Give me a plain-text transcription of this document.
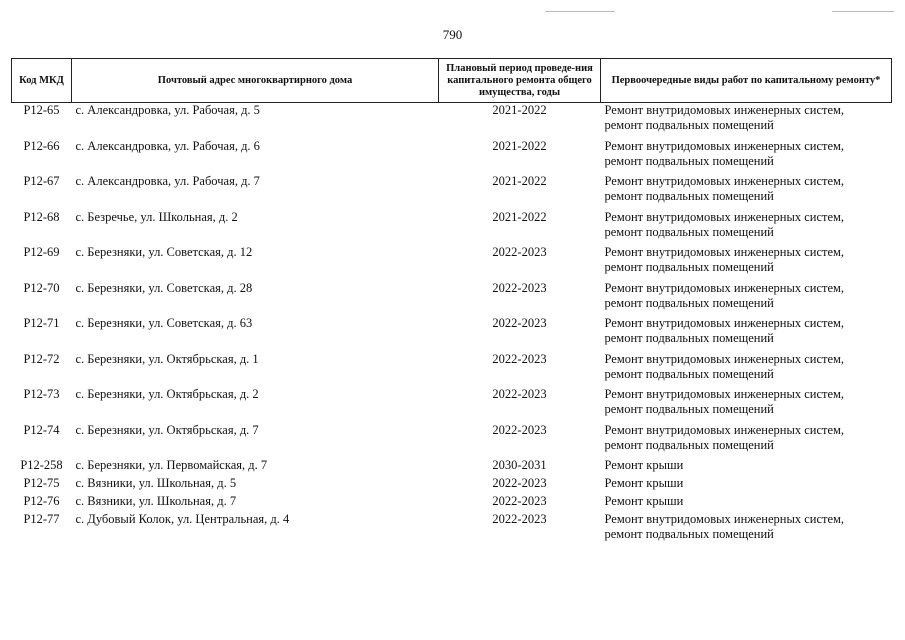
790
Код МКД	Почтовый адрес многоквартирного дома	Плановый период проведе-ния капитального ремонта общего имущества, годы	Первоочередные виды работ по капитальному ремонту*
Р12-65	с. Александровка, ул. Рабочая, д. 5	2021-2022	Ремонт внутридомовых инженерных систем,
ремонт подвальных помещений

Р12-66	с. Александровка, ул. Рабочая, д. 6	2021-2022	Ремонт внутридомовых инженерных систем,
ремонт подвальных помещений

Р12-67	с. Александровка, ул. Рабочая, д. 7	2021-2022	Ремонт внутридомовых инженерных систем,
ремонт подвальных помещений

Р12-68	с. Безречье, ул. Школьная, д. 2	2021-2022	Ремонт внутридомовых инженерных систем,
ремонт подвальных помещений

Р12-69	с. Березняки, ул. Советская, д. 12	2022-2023	Ремонт внутридомовых инженерных систем,
ремонт подвальных помещений

Р12-70	с. Березняки, ул. Советская, д. 28	2022-2023	Ремонт внутридомовых инженерных систем,
ремонт подвальных помещений

Р12-71	с. Березняки, ул. Советская, д. 63	2022-2023	Ремонт внутридомовых инженерных систем,
ремонт подвальных помещений

Р12-72	с. Березняки, ул. Октябрьская, д. 1	2022-2023	Ремонт внутридомовых инженерных систем,
ремонт подвальных помещений

Р12-73	с. Березняки, ул. Октябрьская, д. 2	2022-2023	Ремонт внутридомовых инженерных систем,
ремонт подвальных помещений

Р12-74	с. Березняки, ул. Октябрьская, д. 7	2022-2023	Ремонт внутридомовых инженерных систем,
ремонт подвальных помещений

Р12-258	с. Березняки, ул. Первомайская, д. 7	2030-2031	Ремонт крыши

Р12-75	с. Вязники, ул. Школьная, д. 5	2022-2023	Ремонт крыши

Р12-76	с. Вязники, ул. Школьная, д. 7	2022-2023	Ремонт крыши

Р12-77	с. Дубовый Колок, ул. Центральная, д. 4	2022-2023	Ремонт внутридомовых инженерных систем,
ремонт подвальных помещений
